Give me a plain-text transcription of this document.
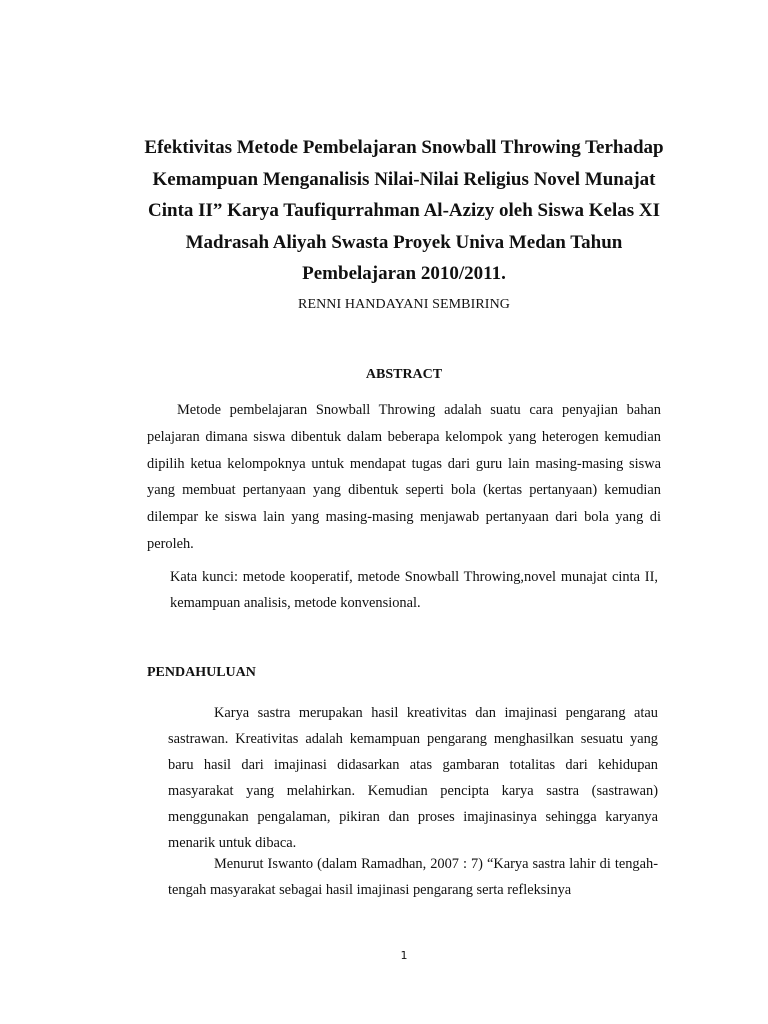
Efektivitas Metode Pembelajaran Snowball Throwing Terhadap Kemampuan Menganalisis Nilai-Nilai Religius Novel Munajat Cinta II” Karya Taufiqurrahman Al-Azizy oleh Siswa Kelas XI Madrasah Aliyah Swasta Proyek Univa Medan Tahun Pembelajaran 2010/2011.
RENNI HANDAYANI SEMBIRING
ABSTRACT

Metode pembelajaran Snowball Throwing adalah suatu cara penyajian bahan pelajaran dimana siswa dibentuk dalam beberapa kelompok yang heterogen kemudian dipilih ketua kelompoknya untuk mendapat tugas dari guru lain masing-masing siswa yang membuat pertanyaan yang dibentuk seperti bola (kertas pertanyaan) kemudian dilempar ke siswa lain yang masing-masing menjawab pertanyaan dari bola yang di peroleh.

Kata kunci: metode kooperatif, metode Snowball Throwing,novel munajat cinta II, kemampuan analisis, metode konvensional.

PENDAHULUAN

Karya sastra merupakan hasil kreativitas dan imajinasi pengarang atau sastrawan. Kreativitas adalah kemampuan pengarang menghasilkan sesuatu yang baru hasil dari imajinasi didasarkan atas gambaran totalitas dari kehidupan masyarakat yang melahirkan. Kemudian pencipta karya sastra (sastrawan) menggunakan pengalaman, pikiran dan proses imajinasinya sehingga karyanya menarik untuk dibaca.

Menurut Iswanto (dalam Ramadhan, 2007 : 7) “Karya sastra lahir di tengah-tengah masyarakat sebagai hasil imajinasi pengarang serta refleksinya

1
